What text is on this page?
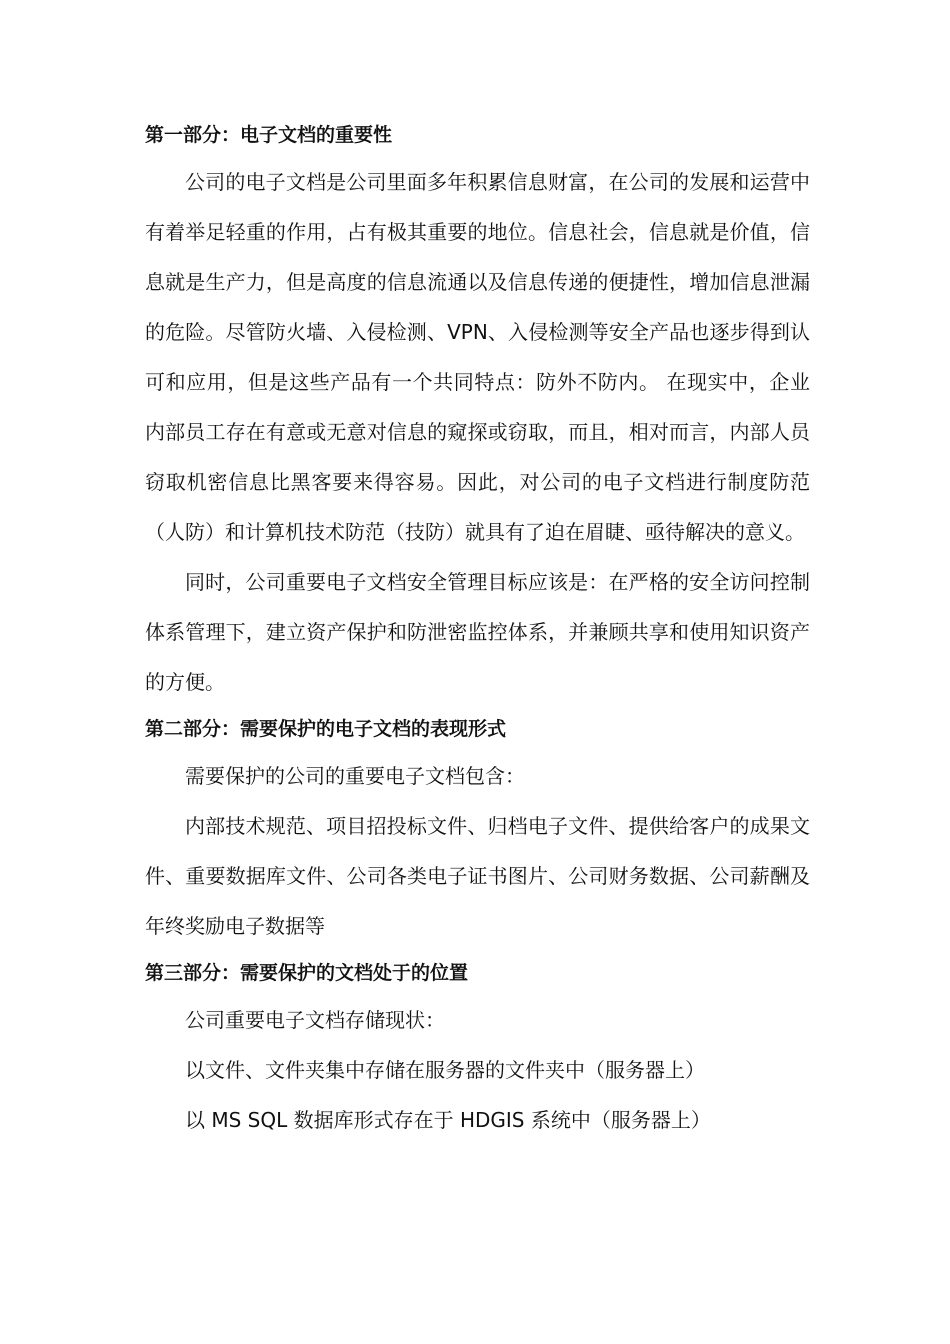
第一部分：电子文档的重要性

公司的电子文档是公司里面多年积累信息财富，在公司的发展和运营中有着举足轻重的作用，占有极其重要的地位。信息社会，信息就是价值，信息就是生产力，但是高度的信息流通以及信息传递的便捷性，增加信息泄漏的危险。尽管防火墙、入侵检测、VPN、入侵检测等安全产品也逐步得到认可和应用，但是这些产品有一个共同特点：防外不防内。 在现实中，企业内部员工存在有意或无意对信息的窥探或窃取，而且，相对而言，内部人员窃取机密信息比黑客要来得容易。因此，对公司的电子文档进行制度防范（人防）和计算机技术防范（技防）就具有了迫在眉睫、亟待解决的意义。

同时，公司重要电子文档安全管理目标应该是：在严格的安全访问控制体系管理下，建立资产保护和防泄密监控体系，并兼顾共享和使用知识资产的方便。

第二部分：需要保护的电子文档的表现形式

需要保护的公司的重要电子文档包含：

内部技术规范、项目招投标文件、归档电子文件、提供给客户的成果文件、重要数据库文件、公司各类电子证书图片、公司财务数据、公司薪酬及年终奖励电子数据等

第三部分：需要保护的文档处于的位置

公司重要电子文档存储现状：

以文件、文件夹集中存储在服务器的文件夹中（服务器上）

以 MS SQL 数据库形式存在于 HDGIS 系统中（服务器上）
